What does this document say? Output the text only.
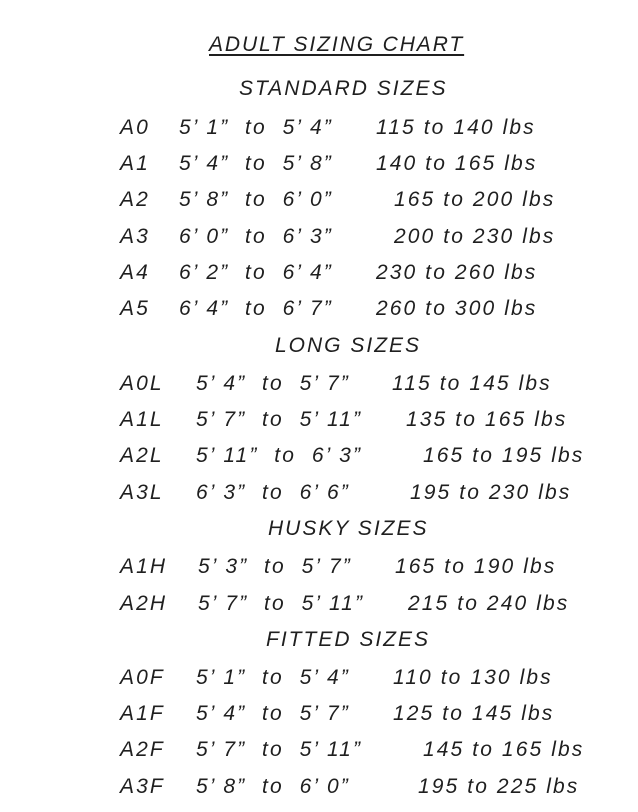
ADULT SIZING CHART
STANDARD SIZES
A0 5’ 1”  to  5’ 4” 115 to 140 lbs
A1 5’ 4”  to  5’ 8” 140 to 165 lbs
A2 5’ 8”  to  6’ 0”	165 to 200 lbs
A3 6’ 0”  to  6’ 3”	200 to 230 lbs
A4 6’ 2”  to  6’ 4” 230 to 260 lbs
A5 6’ 4”  to  6’ 7” 260 to 300 lbs
LONG SIZES
A0L 5’ 4”  to  5’ 7” 115 to 145 lbs
A1L 5’ 7”  to  5’ 11” 135 to 165 lbs
A2L 5’ 11”  to  6’ 3”	165 to 195 lbs
A3L 6’ 3”  to  6’ 6”	195 to 230 lbs
HUSKY SIZES
A1H 5’ 3”  to  5’ 7” 165 to 190 lbs
A2H 5’ 7”  to  5’ 11” 215 to 240 lbs
FITTED SIZES
A0F 5’ 1”  to  5’ 4” 110 to 130 lbs
A1F 5’ 4”  to  5’ 7” 125 to 145 lbs
A2F 5’ 7”  to  5’ 11”	145 to 165 lbs
A3F 5’ 8”  to  6’ 0”	195 to 225 lbs
